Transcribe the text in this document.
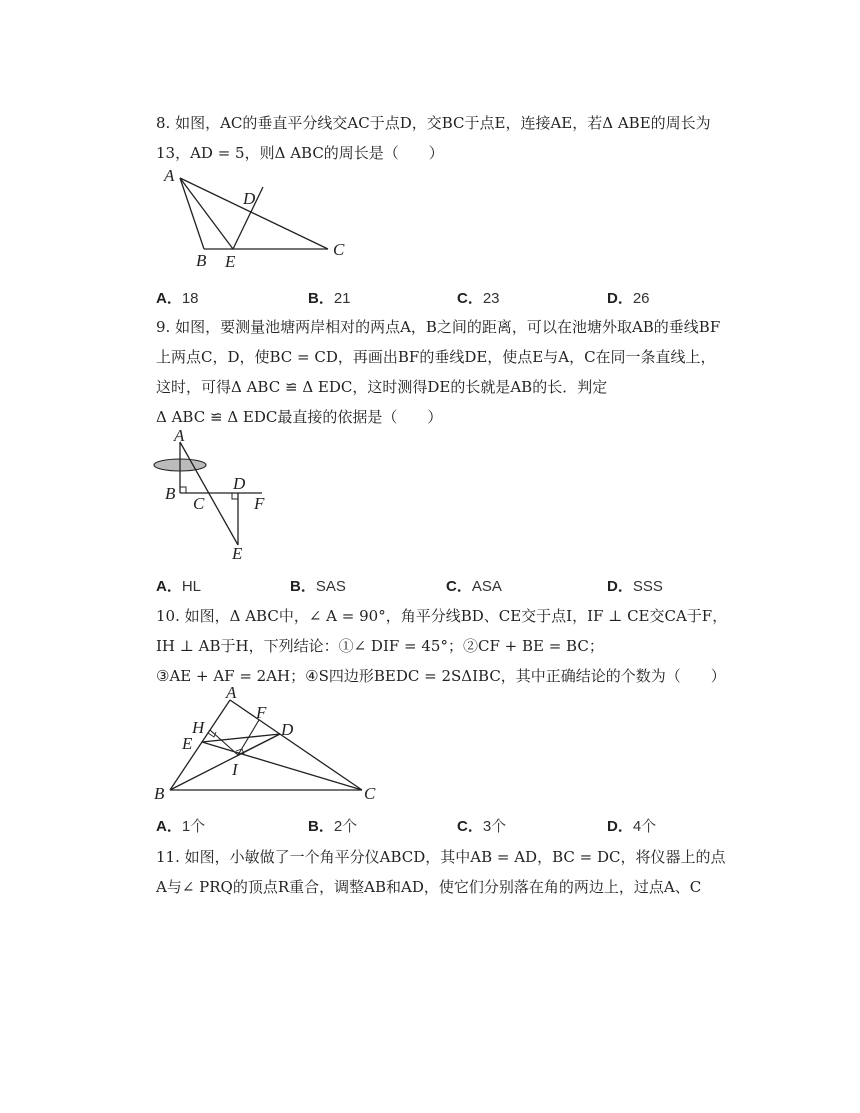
8. 如图，AC的垂直平分线交AC于点D，交BC于点E，连接AE，若Δ ABE的周长为
13，AD = 5，则Δ ABC的周长是（　　）
A
B
C
D
E
A．18	B．21	C．23	D．26
9. 如图，要测量池塘两岸相对的两点A，B之间的距离，可以在池塘外取AB的垂线BF
上两点C，D，使BC = CD，再画出BF的垂线DE，使点E与A，C在同一条直线上，
这时，可得Δ ABC ≌ Δ EDC，这时测得DE的长就是AB的长．判定
Δ ABC ≌ Δ EDC最直接的依据是（　　）
A
B
C
D
F
E
A．HL	B．SAS	C．ASA	D．SSS
10. 如图，Δ ABC中，∠ A = 90°，角平分线BD、CE交于点I，IF ⊥ CE交CA于F，
IH ⊥ AB于H，下列结论：①∠ DIF = 45°；②CF + BE = BC；
③AE + AF = 2AH；④S四边形BEDC = 2SΔIBC，其中正确结论的个数为（　　）
A
H
F
D
E
I
B	C
A．1个	B．2个	C．3个	D．4个
11. 如图，小敏做了一个角平分仪ABCD，其中AB = AD，BC = DC，将仪器上的点
A与∠ PRQ的顶点R重合，调整AB和AD，使它们分别落在角的两边上，过点A、C
